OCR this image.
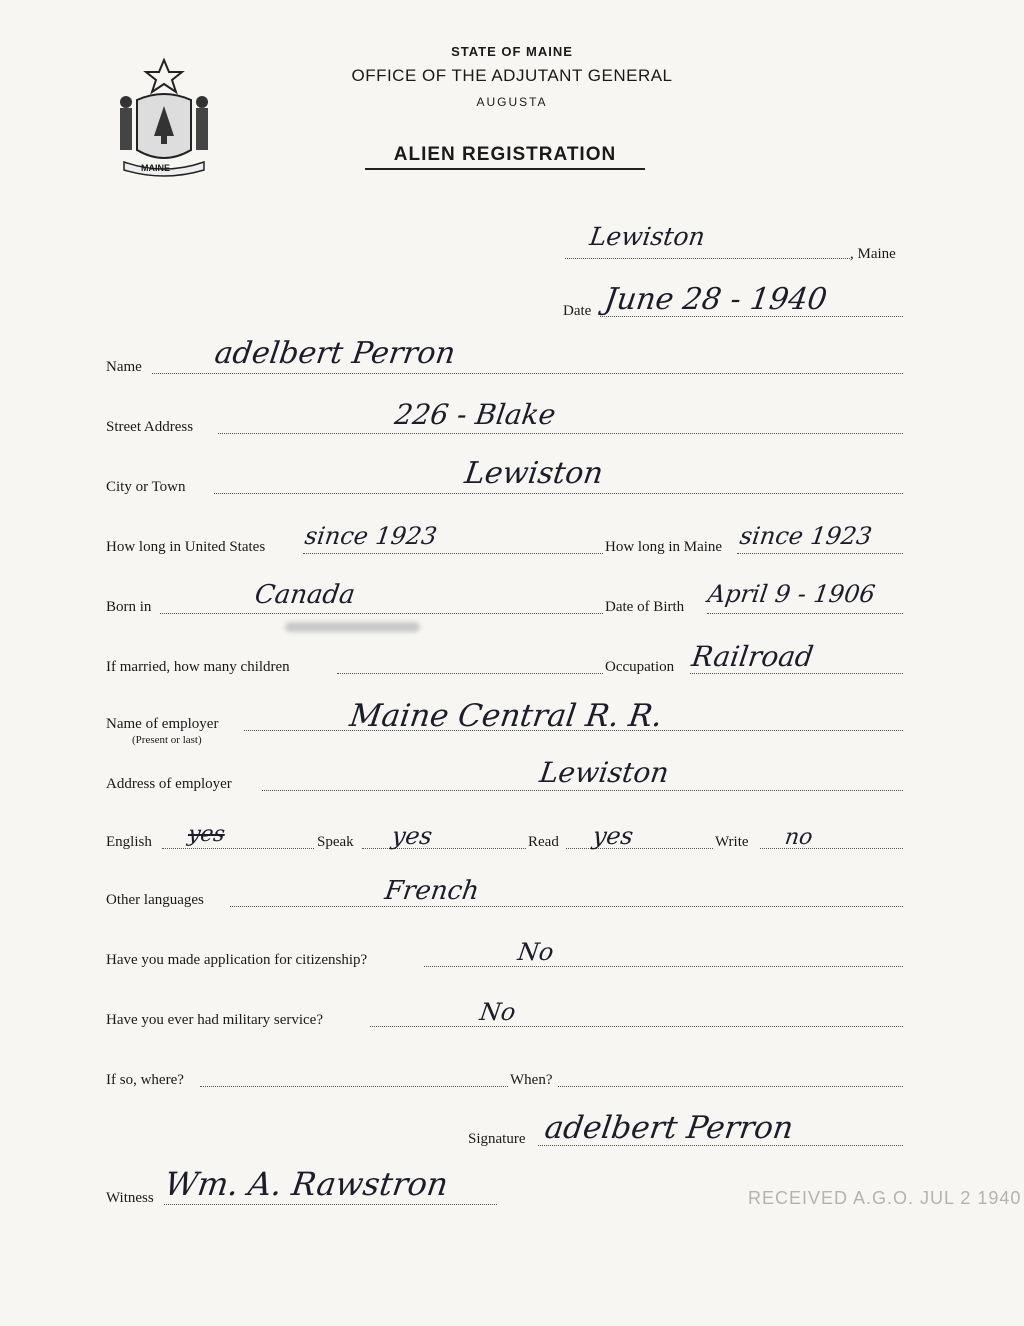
MAINE
STATE OF MAINE
OFFICE OF THE ADJUTANT GENERAL
AUGUSTA
ALIEN REGISTRATION
Lewiston
, Maine
Date June 28 - 1940
Name adelbert Perron
Street Address	226 - Blake
City or Town	Lewiston
How long in United States since 1923	How long in Maine since 1923
Born in	Canada	Date of Birth April 9 - 1906
If married, how many children	Occupation Railroad
Name of employer
(Present or last)
Maine Central R. R.
Address of employer	Lewiston
English yes	Speak yes	Read yes	Write no
Other languages	French
Have you made application for citizenship?	No
Have you ever had military service?	No
If so, where?	When?
Signature adelbert Perron
Witness Wm. A. Rawstron	RECEIVED A.G.O. JUL 2 1940
